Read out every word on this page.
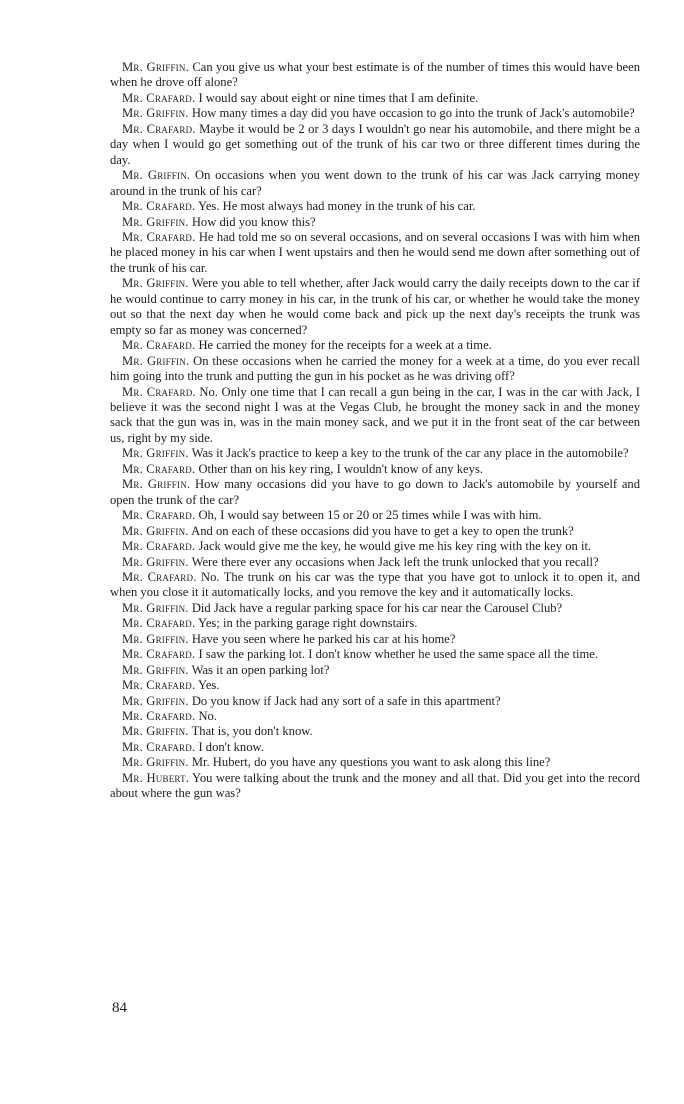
Mr. Griffin. Can you give us what your best estimate is of the number of times this would have been when he drove off alone?

Mr. Crafard. I would say about eight or nine times that I am definite.

Mr. Griffin. How many times a day did you have occasion to go into the trunk of Jack's automobile?

Mr. Crafard. Maybe it would be 2 or 3 days I wouldn't go near his automobile, and there might be a day when I would go get something out of the trunk of his car two or three different times during the day.

Mr. Griffin. On occasions when you went down to the trunk of his car was Jack carrying money around in the trunk of his car?

Mr. Crafard. Yes. He most always had money in the trunk of his car.

Mr. Griffin. How did you know this?

Mr. Crafard. He had told me so on several occasions, and on several occasions I was with him when he placed money in his car when I went upstairs and then he would send me down after something out of the trunk of his car.

Mr. Griffin. Were you able to tell whether, after Jack would carry the daily receipts down to the car if he would continue to carry money in his car, in the trunk of his car, or whether he would take the money out so that the next day when he would come back and pick up the next day's receipts the trunk was empty so far as money was concerned?

Mr. Crafard. He carried the money for the receipts for a week at a time.

Mr. Griffin. On these occasions when he carried the money for a week at a time, do you ever recall him going into the trunk and putting the gun in his pocket as he was driving off?

Mr. Crafard. No. Only one time that I can recall a gun being in the car, I was in the car with Jack, I believe it was the second night I was at the Vegas Club, he brought the money sack in and the money sack that the gun was in, was in the main money sack, and we put it in the front seat of the car between us, right by my side.

Mr. Griffin. Was it Jack's practice to keep a key to the trunk of the car any place in the automobile?

Mr. Crafard. Other than on his key ring, I wouldn't know of any keys.

Mr. Griffin. How many occasions did you have to go down to Jack's automobile by yourself and open the trunk of the car?

Mr. Crafard. Oh, I would say between 15 or 20 or 25 times while I was with him.

Mr. Griffin. And on each of these occasions did you have to get a key to open the trunk?

Mr. Crafard. Jack would give me the key, he would give me his key ring with the key on it.

Mr. Griffin. Were there ever any occasions when Jack left the trunk unlocked that you recall?

Mr. Crafard. No. The trunk on his car was the type that you have got to unlock it to open it, and when you close it it automatically locks, and you remove the key and it automatically locks.

Mr. Griffin. Did Jack have a regular parking space for his car near the Carousel Club?

Mr. Crafard. Yes; in the parking garage right downstairs.

Mr. Griffin. Have you seen where he parked his car at his home?

Mr. Crafard. I saw the parking lot. I don't know whether he used the same space all the time.

Mr. Griffin. Was it an open parking lot?

Mr. Crafard. Yes.

Mr. Griffin. Do you know if Jack had any sort of a safe in this apartment?

Mr. Crafard. No.

Mr. Griffin. That is, you don't know.

Mr. Crafard. I don't know.

Mr. Griffin. Mr. Hubert, do you have any questions you want to ask along this line?

Mr. Hubert. You were talking about the trunk and the money and all that. Did you get into the record about where the gun was?

84
